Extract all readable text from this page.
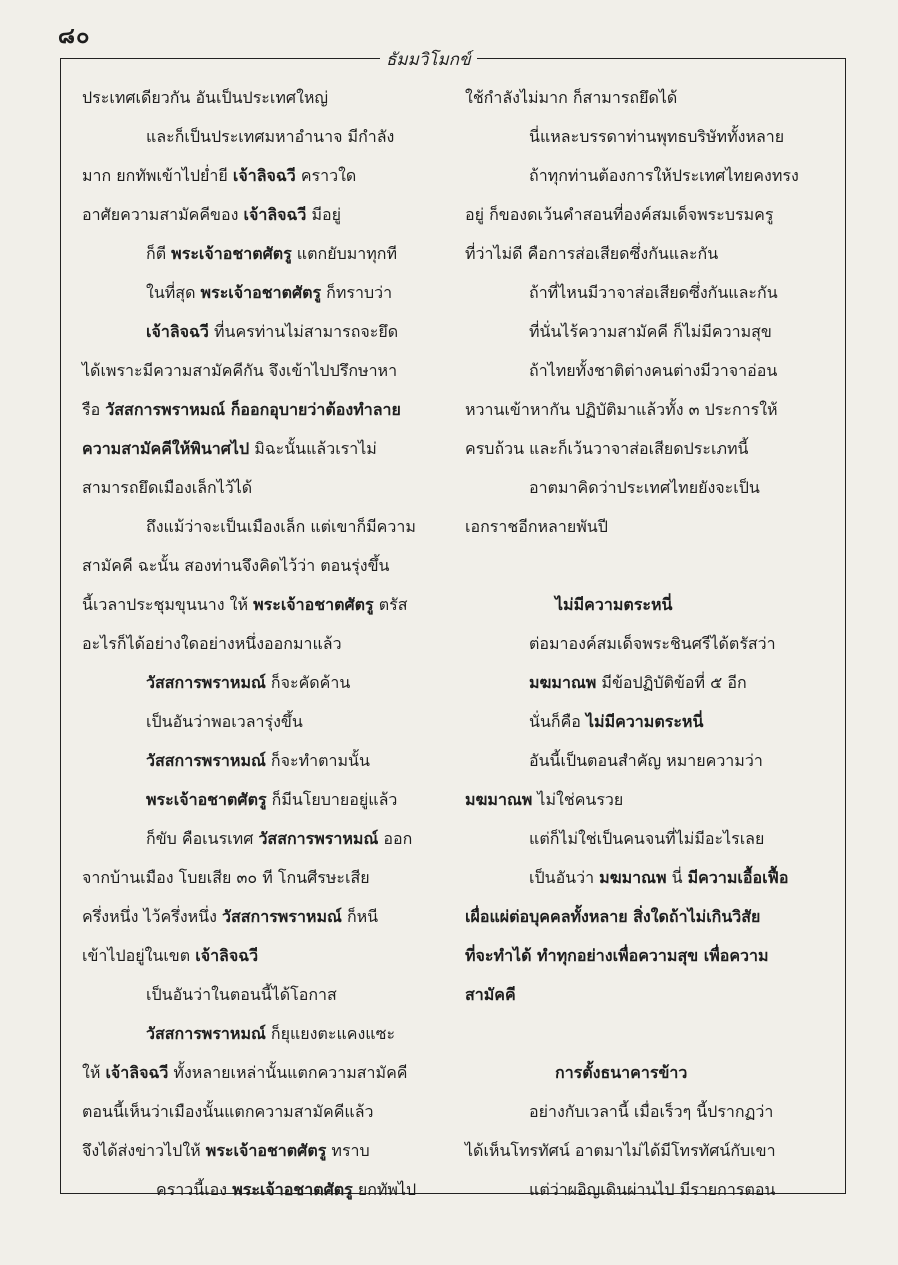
๘๐
ธัมมวิโมกข์
ประเทศเดียวกัน อันเป็นประเทศใหญ่
และก็เป็นประเทศมหาอำนาจ มีกำลัง
มาก ยกทัพเข้าไปย่ำยี เจ้าลิจฉวี คราวใด
อาศัยความสามัคคีของ เจ้าลิจฉวี มีอยู่
ก็ตี พระเจ้าอชาตศัตรู แตกยับมาทุกที
ในที่สุด พระเจ้าอชาตศัตรู ก็ทราบว่า
เจ้าลิจฉวี ที่นครท่านไม่สามารถจะยึด
ได้เพราะมีความสามัคคีกัน จึงเข้าไปปรึกษาหา
รือ วัสสการพราหมณ์ ก็ออกอุบายว่าต้องทำลาย
ความสามัคคีให้พินาศไป มิฉะนั้นแล้วเราไม่
สามารถยึดเมืองเล็กไว้ได้
ถึงแม้ว่าจะเป็นเมืองเล็ก แต่เขาก็มีความ
สามัคคี ฉะนั้น สองท่านจึงคิดไว้ว่า ตอนรุ่งขึ้น
นี้เวลาประชุมขุนนาง ให้ พระเจ้าอชาตศัตรู ตรัส
อะไรก็ได้อย่างใดอย่างหนึ่งออกมาแล้ว
วัสสการพราหมณ์ ก็จะคัดค้าน
เป็นอันว่าพอเวลารุ่งขึ้น
วัสสการพราหมณ์ ก็จะทำตามนั้น
พระเจ้าอชาตศัตรู ก็มีนโยบายอยู่แล้ว
ก็ขับ คือเนรเทศ วัสสการพราหมณ์ ออก
จากบ้านเมือง โบยเสีย ๓๐ ที โกนศีรษะเสีย
ครึ่งหนึ่ง ไว้ครึ่งหนึ่ง วัสสการพราหมณ์ ก็หนี
เข้าไปอยู่ในเขต เจ้าลิจฉวี
เป็นอันว่าในตอนนี้ได้โอกาส
วัสสการพราหมณ์ ก็ยุแยงตะแคงแซะ
ให้ เจ้าลิจฉวี ทั้งหลายเหล่านั้นแตกความสามัคคี
ตอนนี้เห็นว่าเมืองนั้นแตกความสามัคคีแล้ว
จึงได้ส่งข่าวไปให้ พระเจ้าอชาตศัตรู ทราบ
คราวนี้เอง พระเจ้าอชาตศัตรู ยกทัพไป
ใช้กำลังไม่มาก ก็สามารถยึดได้
นี่แหละบรรดาท่านพุทธบริษัททั้งหลาย
ถ้าทุกท่านต้องการให้ประเทศไทยคงทรง
อยู่ ก็ของดเว้นคำสอนที่องค์สมเด็จพระบรมครู
ที่ว่าไม่ดี คือการส่อเสียดซึ่งกันและกัน
ถ้าที่ไหนมีวาจาส่อเสียดซึ่งกันและกัน
ที่นั่นไร้ความสามัคคี ก็ไม่มีความสุข
ถ้าไทยทั้งชาติต่างคนต่างมีวาจาอ่อน
หวานเข้าหากัน ปฏิบัติมาแล้วทั้ง ๓ ประการให้
ครบถ้วน และก็เว้นวาจาส่อเสียดประเภทนี้
อาตมาคิดว่าประเทศไทยยังจะเป็น
เอกราชอีกหลายพันปี
ไม่มีความตระหนี่
ต่อมาองค์สมเด็จพระชินศรีได้ตรัสว่า
มฆมาณพ มีข้อปฏิบัติข้อที่ ๕ อีก
นั่นก็คือ ไม่มีความตระหนี่
อันนี้เป็นตอนสำคัญ หมายความว่า
มฆมาณพ ไม่ใช่คนรวย
แต่ก็ไม่ใช่เป็นคนจนที่ไม่มีอะไรเลย
เป็นอันว่า มฆมาณพ นี่ มีความเอื้อเฟื้อ
เผื่อแผ่ต่อบุคคลทั้งหลาย สิ่งใดถ้าไม่เกินวิสัย
ที่จะทำได้ ทำทุกอย่างเพื่อความสุข เพื่อความ
สามัคคี
การตั้งธนาคารข้าว
อย่างกับเวลานี้ เมื่อเร็วๆ นี้ปรากฏว่า
ได้เห็นโทรทัศน์ อาตมาไม่ได้มีโทรทัศน์กับเขา
แต่ว่าผอิญเดินผ่านไป มีรายการตอน
